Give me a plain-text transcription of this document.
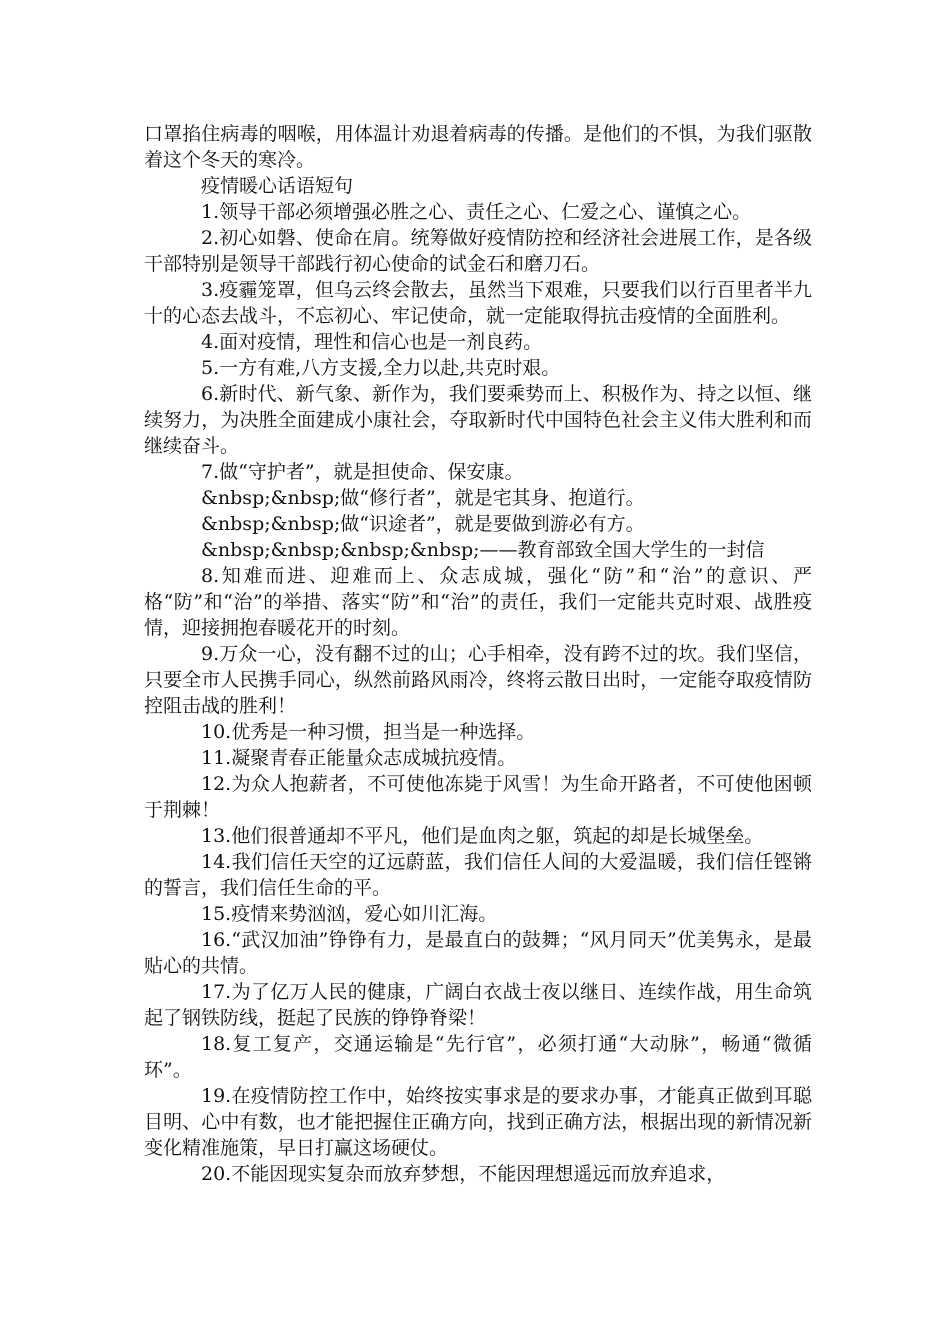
口罩掐住病毒的咽喉，用体温计劝退着病毒的传播。是他们的不惧，为我们驱散着这个冬天的寒冷。

疫情暖心话语短句

1.领导干部必须增强必胜之心、责任之心、仁爱之心、谨慎之心。

2.初心如磐、使命在肩。统筹做好疫情防控和经济社会进展工作，是各级干部特别是领导干部践行初心使命的试金石和磨刀石。

3.疫霾笼罩，但乌云终会散去，虽然当下艰难，只要我们以行百里者半九十的心态去战斗，不忘初心、牢记使命，就一定能取得抗击疫情的全面胜利。

4.面对疫情，理性和信心也是一剂良药。

5.一方有难,八方支援,全力以赴,共克时艰。

6.新时代、新气象、新作为，我们要乘势而上、积极作为、持之以恒、继续努力，为决胜全面建成小康社会，夺取新时代中国特色社会主义伟大胜利和而继续奋斗。

7.做“守护者”，就是担使命、保安康。

&nbsp;&nbsp;做“修行者”，就是宅其身、抱道行。

&nbsp;&nbsp;做“识途者”，就是要做到游必有方。

&nbsp;&nbsp;&nbsp;&nbsp;——教育部致全国大学生的一封信

8.知难而进、迎难而上、众志成城，强化“防”和“治”的意识、严格“防”和“治”的举措、落实“防”和“治”的责任，我们一定能共克时艰、战胜疫情，迎接拥抱春暖花开的时刻。

9.万众一心，没有翻不过的山；心手相牵，没有跨不过的坎。我们坚信，只要全市人民携手同心，纵然前路风雨冷，终将云散日出时，一定能夺取疫情防控阻击战的胜利！

10.优秀是一种习惯，担当是一种选择。

11.凝聚青春正能量众志成城抗疫情。

12.为众人抱薪者，不可使他冻毙于风雪！为生命开路者，不可使他困顿于荆棘！

13.他们很普通却不平凡，他们是血肉之躯，筑起的却是长城堡垒。

14.我们信任天空的辽远蔚蓝，我们信任人间的大爱温暖，我们信任铿锵的誓言，我们信任生命的平。

15.疫情来势汹汹，爱心如川汇海。

16.“武汉加油”铮铮有力，是最直白的鼓舞；“风月同天”优美隽永，是最贴心的共情。

17.为了亿万人民的健康，广阔白衣战士夜以继日、连续作战，用生命筑起了钢铁防线，挺起了民族的铮铮脊梁！

18.复工复产，交通运输是“先行官”，必须打通“大动脉”，畅通“微循环”。

19.在疫情防控工作中，始终按实事求是的要求办事，才能真正做到耳聪目明、心中有数，也才能把握住正确方向，找到正确方法，根据出现的新情况新变化精准施策，早日打赢这场硬仗。

20.不能因现实复杂而放弃梦想，不能因理想遥远而放弃追求，
